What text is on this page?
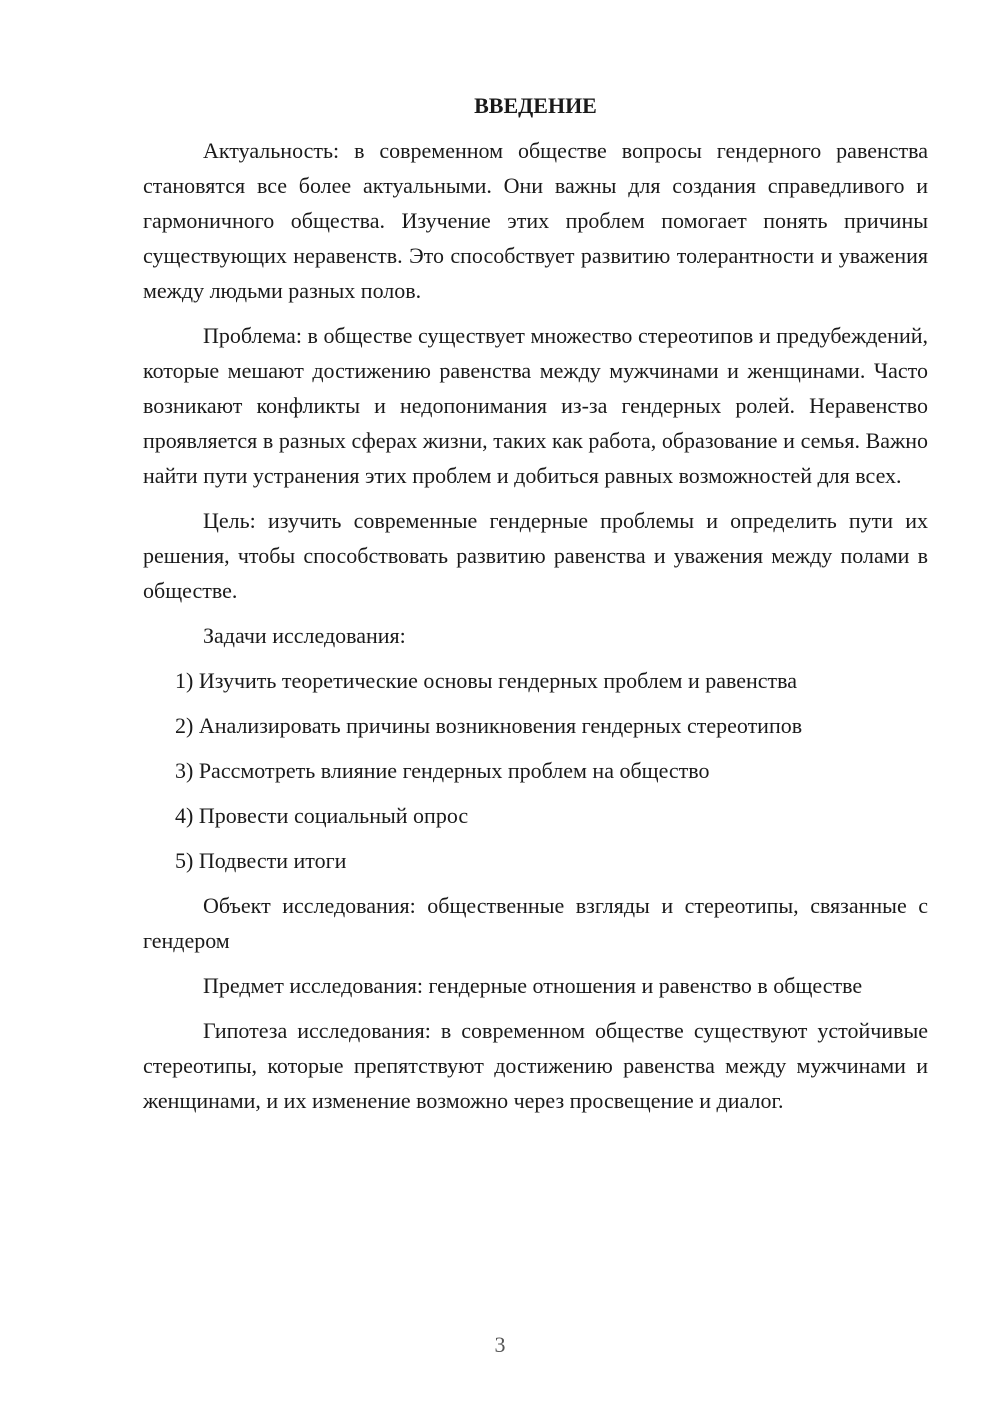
ВВЕДЕНИЕ

Актуальность: в современном обществе вопросы гендерного равенства становятся все более актуальными. Они важны для создания справедливого и гармоничного общества. Изучение этих проблем помогает понять причины существующих неравенств. Это способствует развитию толерантности и уважения между людьми разных полов.

Проблема: в обществе существует множество стереотипов и предубеждений, которые мешают достижению равенства между мужчинами и женщинами. Часто возникают конфликты и недопонимания из-за гендерных ролей. Неравенство проявляется в разных сферах жизни, таких как работа, образование и семья. Важно найти пути устранения этих проблем и добиться равных возможностей для всех.

Цель: изучить современные гендерные проблемы и определить пути их решения, чтобы способствовать развитию равенства и уважения между полами в обществе.

Задачи исследования:

1) Изучить теоретические основы гендерных проблем и равенства
2) Анализировать причины возникновения гендерных стереотипов
3) Рассмотреть влияние гендерных проблем на общество
4) Провести социальный опрос
5) Подвести итоги

Объект исследования: общественные взгляды и стереотипы, связанные с гендером

Предмет исследования: гендерные отношения и равенство в обществе

Гипотеза исследования: в современном обществе существуют устойчивые стереотипы, которые препятствуют достижению равенства между мужчинами и женщинами, и их изменение возможно через просвещение и диалог.

3
